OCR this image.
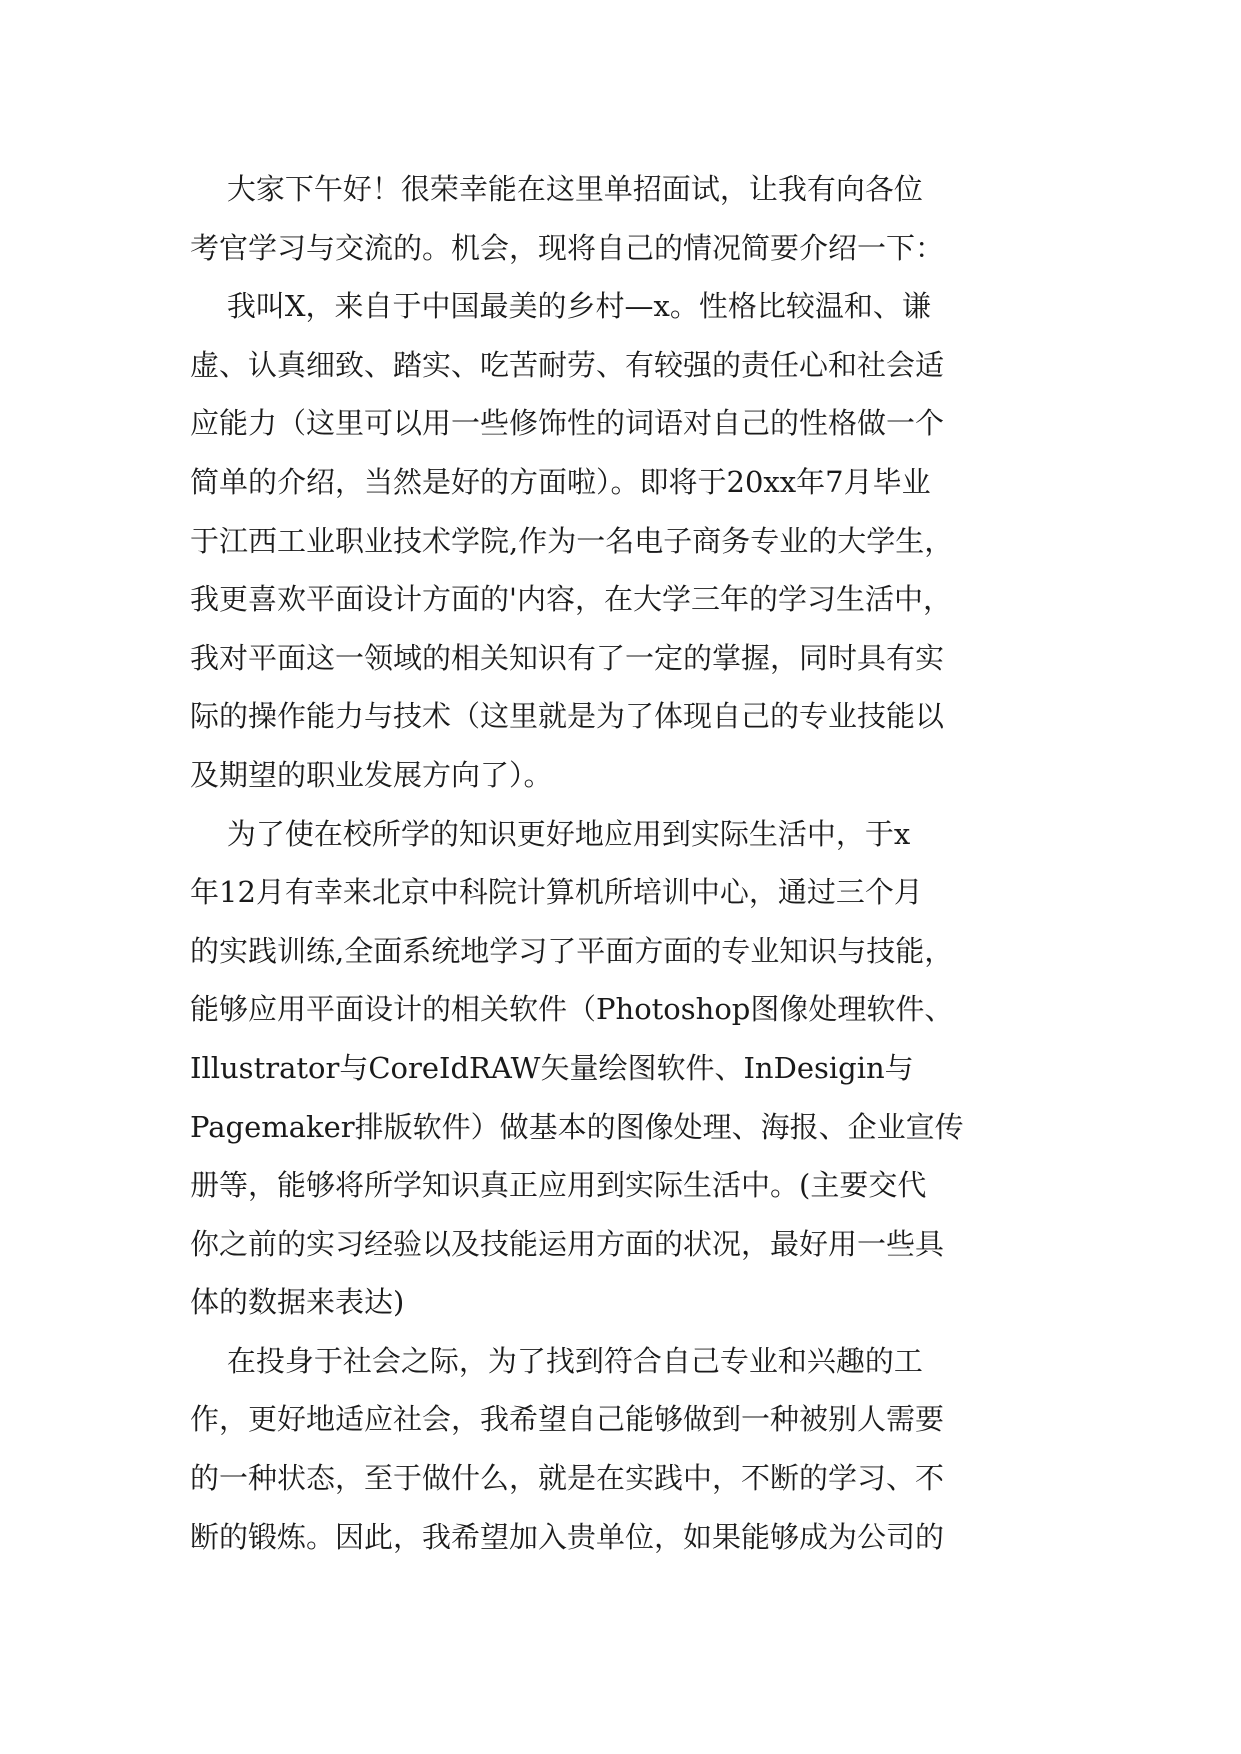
大家下午好！很荣幸能在这里单招面试，让我有向各位
考官学习与交流的。机会，现将自己的情况简要介绍一下：
我叫X，来自于中国最美的乡村—x。性格比较温和、谦
虚、认真细致、踏实、吃苦耐劳、有较强的责任心和社会适
应能力（这里可以用一些修饰性的词语对自己的性格做一个
简单的介绍，当然是好的方面啦）。即将于20xx年7月毕业
于江西工业职业技术学院,作为一名电子商务专业的大学生，
我更喜欢平面设计方面的'内容，在大学三年的学习生活中，
我对平面这一领域的相关知识有了一定的掌握，同时具有实
际的操作能力与技术（这里就是为了体现自己的专业技能以
及期望的职业发展方向了）。
为了使在校所学的知识更好地应用到实际生活中，于x
年12月有幸来北京中科院计算机所培训中心，通过三个月
的实践训练,全面系统地学习了平面方面的专业知识与技能，
能够应用平面设计的相关软件（Photoshop图像处理软件、
Illustrator与CoreIdRAW矢量绘图软件、InDesigin与
Pagemaker排版软件）做基本的图像处理、海报、企业宣传
册等，能够将所学知识真正应用到实际生活中。(主要交代
你之前的实习经验以及技能运用方面的状况，最好用一些具
体的数据来表达)
在投身于社会之际，为了找到符合自己专业和兴趣的工
作，更好地适应社会，我希望自己能够做到一种被别人需要
的一种状态，至于做什么，就是在实践中，不断的学习、不
断的锻炼。因此，我希望加入贵单位，如果能够成为公司的
